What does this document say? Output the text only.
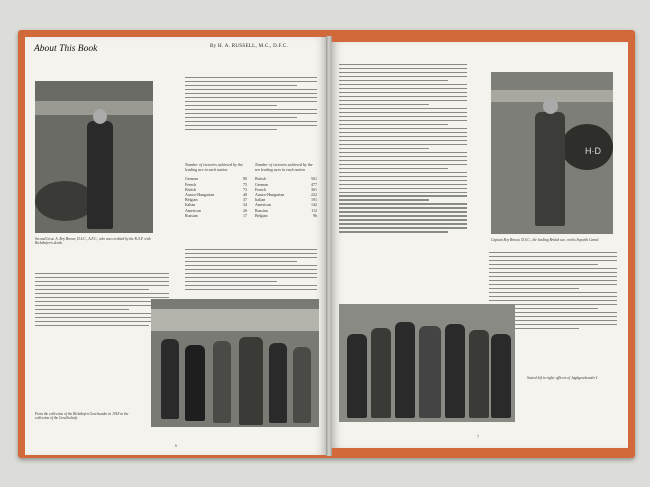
About This Book	By H. A. RUSSELL, M.C., D.F.C.
Second Lieut. A. Roy Brown, D.S.C., A.F.C., who was credited by the R.A.F. with Richthofen's death.
Number of victories achieved by the leading ace in each nation
German	80
French	75
British	73
Austro-Hungarian	40
Belgian	37
Italian	34
American	26
Russian	17
Number of victories achieved by the ten leading aces in each nation
British	561
German	477
French	361
Austro-Hungarian	222
Italian	191
American	142
Russian	112
Belgian	96
From the collection of the Richthofen Geschwader in 1918 in the collection of the Gesellschaft.
6
H·D
Captain Roy Brown, D.S.C., the leading British ace, on his Sopwith Camel.
Seated left to right: officers of Jagdgeschwader I.
7
